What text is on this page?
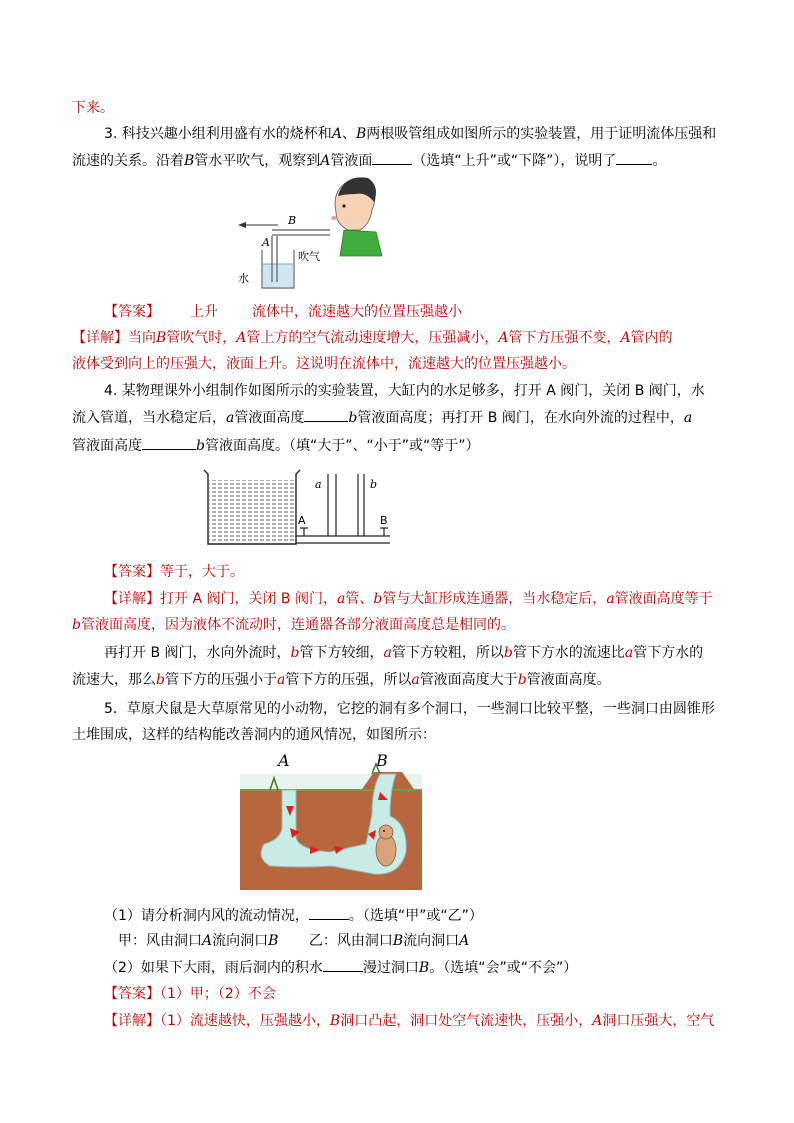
下来。
3. 科技兴趣小组利用盛有水的烧杯和A、B两根吸管组成如图所示的实验装置，用于证明流体压强和
流速的关系。沿着B管水平吹气，观察到A管液面	（选填“上升”或“下降”），说明了	。
B
A
吹气
水
【答案】 上升 流体中，流速越大的位置压强越小
【详解】当向B管吹气时，A管上方的空气流动速度增大，压强减小，A管下方压强不变，A管内的
液体受到向上的压强大，液面上升。这说明在流体中，流速越大的位置压强越小。
4. 某物理课外小组制作如图所示的实验装置，大缸内的水足够多，打开 A 阀门，关闭 B 阀门，水
流入管道，当水稳定后，a管液面高度	b管液面高度；再打开 B 阀门，在水向外流的过程中，a
管液面高度	b管液面高度。（填“大于”、“小于”或“等于”）
a	b
A	B
【答案】等于，大于。
【详解】打开 A 阀门，关闭 B 阀门，a管、b管与大缸形成连通器，当水稳定后，a管液面高度等于
b管液面高度，因为液体不流动时，连通器各部分液面高度总是相同的。
再打开 B 阀门，水向外流时，b管下方较细，a管下方较粗，所以b管下方水的流速比a管下方水的
流速大，那么b管下方的压强小于a管下方的压强，所以a管液面高度大于b管液面高度。
5．草原犬鼠是大草原常见的小动物，它挖的洞有多个洞口，一些洞口比较平整，一些洞口由圆锥形
土堆围成，这样的结构能改善洞内的通风情况，如图所示：
A	B
（1）请分析洞内风的流动情况，	。（选填“甲”或“乙”）
甲：风由洞口A流向洞口B 乙：风由洞口B流向洞口A
（2）如果下大雨，雨后洞内的积水	漫过洞口B。（选填“会”或“不会”）
【答案】（1）甲；（2）不会
【详解】（1）流速越快，压强越小，B洞口凸起，洞口处空气流速快，压强小，A洞口压强大，空气
